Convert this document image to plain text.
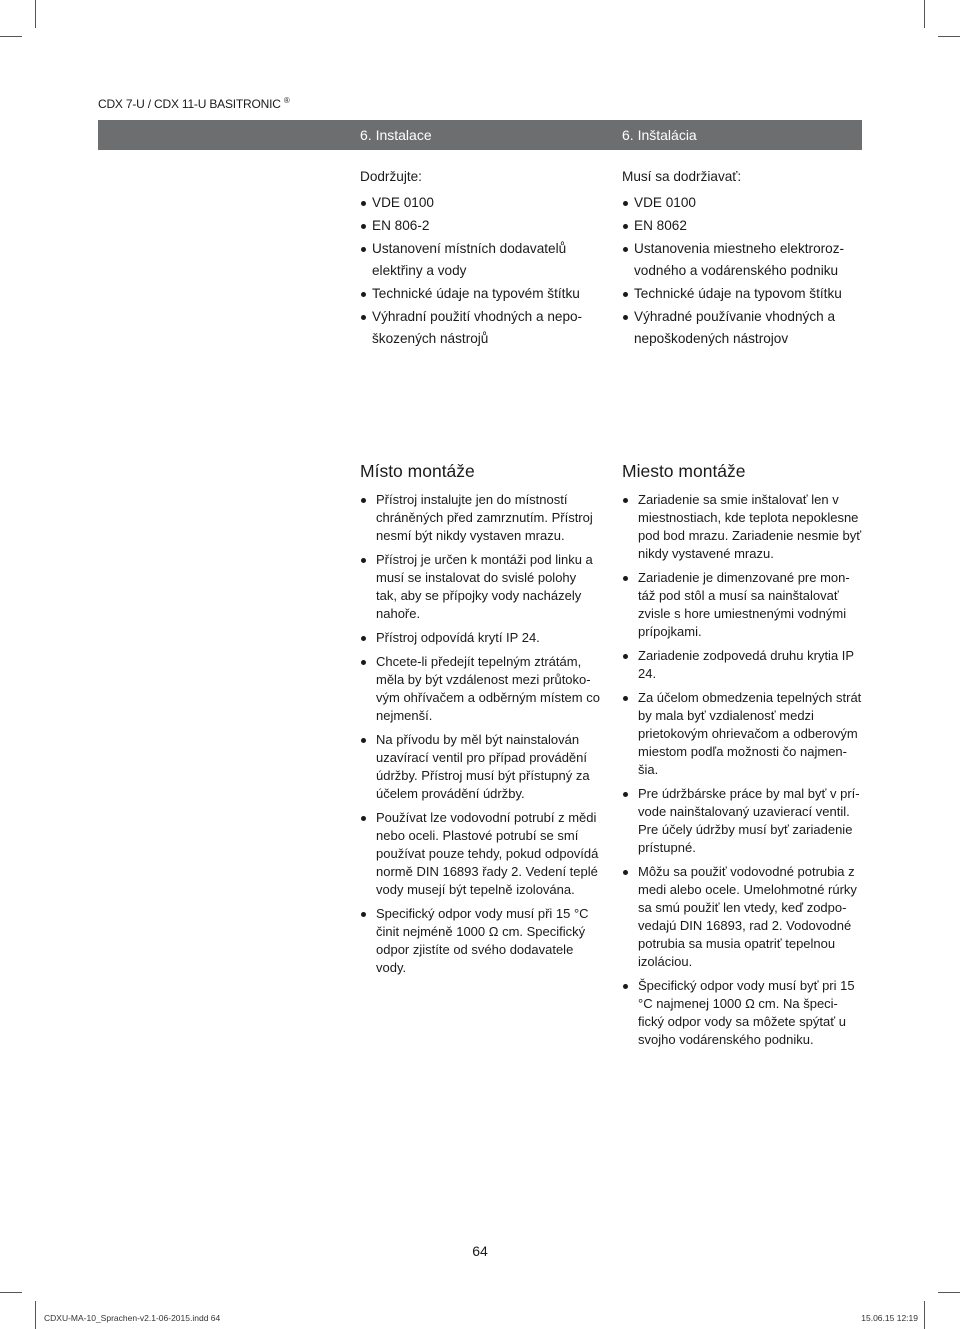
CDX 7-U / CDX 11-U BASITRONIC ®
6. Instalace	6. Inštalácia

Dodržujte:

VDE 0100
EN 806-2
Ustanovení místních dodavatelů elektřiny a vody
Technické údaje na typovém štítku
Výhradní použití vhodných a nepo-škozených nástrojů

Musí sa dodržiavať:

VDE 0100
EN 8062
Ustanovenia miestneho elektroroz-vodného a vodárenského podniku
Technické údaje na typovom štítku
Výhradné používanie vhodných a nepoškodených nástrojov
Místo montáže
Přístroj instalujte jen do místností chráněných před zamrznutím. Přístroj nesmí být nikdy vystaven mrazu.
Přístroj je určen k montáži pod linku a musí se instalovat do svislé polohy tak, aby se přípojky vody nacházely nahoře.
Přístroj odpovídá krytí IP 24.
Chcete-li předejít tepelným ztrátám, měla by být vzdálenost mezi průtoko-vým ohřívačem a odběrným místem co nejmenší.
Na přívodu by měl být nainstalován uzavírací ventil pro případ provádění údržby. Přístroj musí být přístupný za účelem provádění údržby.
Používat lze vodovodní potrubí z mědi nebo oceli. Plastové potrubí se smí používat pouze tehdy, pokud odpovídá normě DIN 16893 řady 2. Vedení teplé vody musejí být tepelně izolována.
Specifický odpor vody musí při 15 °C činit nejméně 1000 Ω cm. Specifický odpor zjistíte od svého dodavatele vody.
Miesto montáže
Zariadenie sa smie inštalovať len v miestnostiach, kde teplota nepoklesne pod bod mrazu. Zariadenie nesmie byť nikdy vystavené mrazu.
Zariadenie je dimenzované pre mon-táž pod stôl a musí sa nainštalovať zvisle s hore umiestnenými vodnými prípojkami.
Zariadenie zodpovedá druhu krytia IP 24.
Za účelom obmedzenia tepelných strát by mala byť vzdialenosť medzi prietokovým ohrievačom a odberovým miestom podľa možnosti čo najmen-šia.
Pre údržbárske práce by mal byť v prí-vode nainštalovaný uzavierací ventil. Pre účely údržby musí byť zariadenie prístupné.
Môžu sa použiť vodovodné potrubia z medi alebo ocele. Umelohmotné rúrky sa smú použiť len vtedy, keď zodpo-vedajú DIN 16893, rad 2. Vodovodné potrubia sa musia opatriť tepelnou izoláciou.
Špecifický odpor vody musí byť pri 15 °C najmenej 1000 Ω cm. Na špeci-fický odpor vody sa môžete spýtať u svojho vodárenského podniku.
64
CDXU-MA-10_Sprachen-v2.1-06-2015.indd 64	15.06.15 12:19
